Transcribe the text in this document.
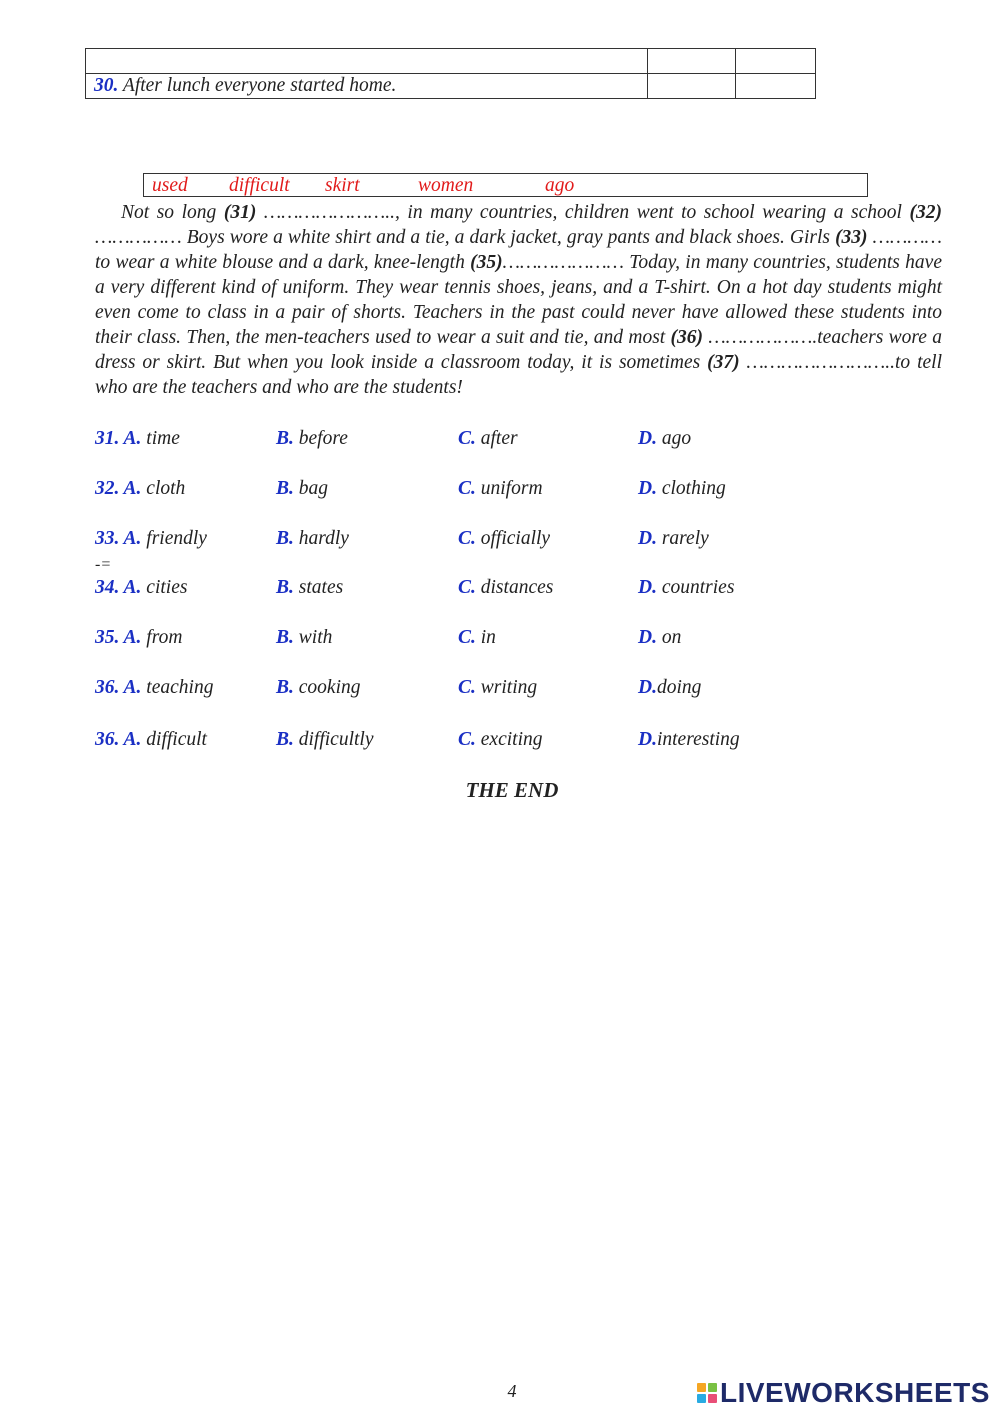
30. After lunch everyone started home.		
used difficult skirt	women	ago

Not so long (31) ………………….., in many countries, children went to school wearing a school (32) …………… Boys wore a white shirt and a tie, a dark jacket, gray pants and black shoes. Girls (33) …………to wear a white blouse and a dark, knee-length (35)………………… Today, in many countries, students have a very different kind of uniform. They wear tennis shoes, jeans, and a T-shirt. On a hot day students might even come to class in a pair of shorts. Teachers in the past could never have allowed these students into their class. Then, the men-teachers used to wear a suit and tie, and most (36) ……………….teachers wore a dress or skirt. But when you look inside a classroom today, it is sometimes (37) ……………………..to tell who are the teachers and who are the students!

31. A. time	B. before	C. after	D. ago
32. A. cloth	B. bag	C. uniform	D. clothing
33. A. friendly	B. hardly	C. officially	D. rarely
-=
34. A. cities	B. states	C. distances	D. countries
35. A. from	B. with	C. in	D. on
36. A. teaching	B. cooking	C. writing	D.doing
36. A. difficult	B. difficultly	C. exciting	D.interesting
THE END
4	LIVEWORKSHEETS
